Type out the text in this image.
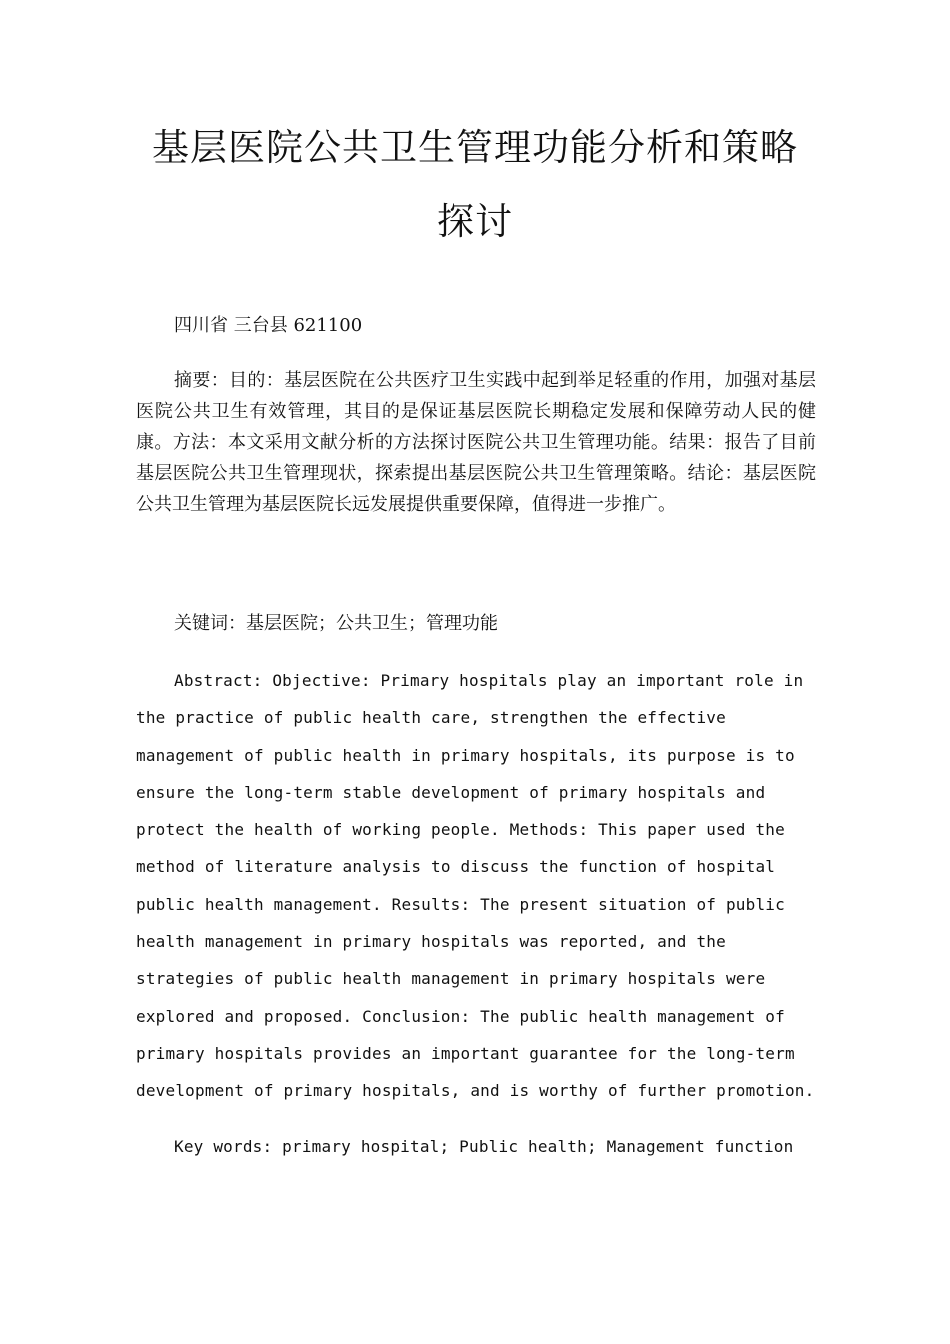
基层医院公共卫生管理功能分析和策略
探讨

四川省 三台县 621100

摘要：目的：基层医院在公共医疗卫生实践中起到举足轻重的作用，加强对基层医院公共卫生有效管理，其目的是保证基层医院长期稳定发展和保障劳动人民的健康。方法：本文采用文献分析的方法探讨医院公共卫生管理功能。结果：报告了目前基层医院公共卫生管理现状，探索提出基层医院公共卫生管理策略。结论：基层医院公共卫生管理为基层医院长远发展提供重要保障，值得进一步推广。

关键词：基层医院；公共卫生；管理功能

Abstract: Objective: Primary hospitals play an important role in
the practice of public health care, strengthen the effective
management of public health in primary hospitals, its purpose is to
ensure the long-term stable development of primary hospitals and
protect the health of working people. Methods: This paper used the
method of literature analysis to discuss the function of hospital
public health management. Results: The present situation of public
health management in primary hospitals was reported, and the
strategies of public health management in primary hospitals were
explored and proposed. Conclusion: The public health management of
primary hospitals provides an important guarantee for the long-term
development of primary hospitals, and is worthy of further promotion.

Key words: primary hospital; Public health; Management function
